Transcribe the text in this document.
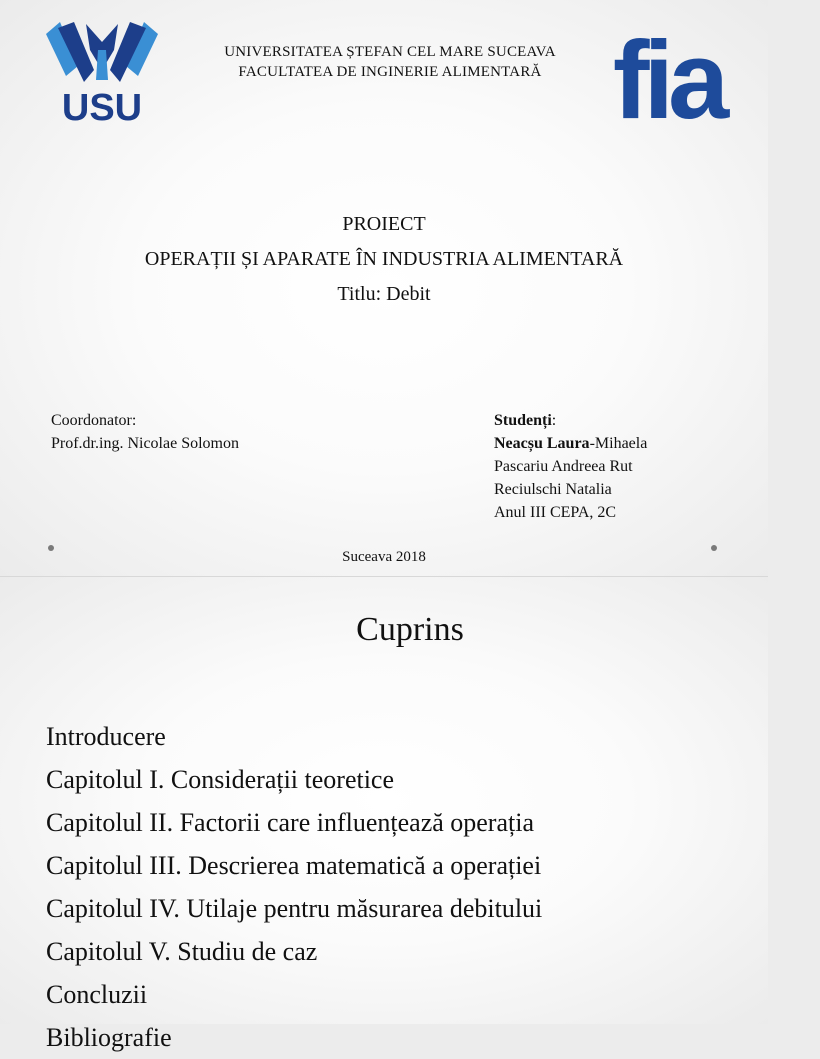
USU
UNIVERSITATEA ȘTEFAN CEL MARE SUCEAVA
FACULTATEA DE INGINERIE ALIMENTARĂ fia
PROIECT
OPERAȚII ȘI APARATE ÎN INDUSTRIA ALIMENTARĂ
Titlu: Debit
Coordonator:
Prof.dr.ing. Nicolae Solomon
Studenți:
Neacșu Laura-Mihaela
Pascariu Andreea Rut
Reciulschi Natalia
Anul III CEPA, 2C
Suceava 2018
Cuprins
Introducere
Capitolul I. Considerații teoretice
Capitolul II. Factorii care influențează operația
Capitolul III. Descrierea matematică a operației
Capitolul IV. Utilaje pentru măsurarea debitului
Capitolul V. Studiu de caz
Concluzii
Bibliografie
